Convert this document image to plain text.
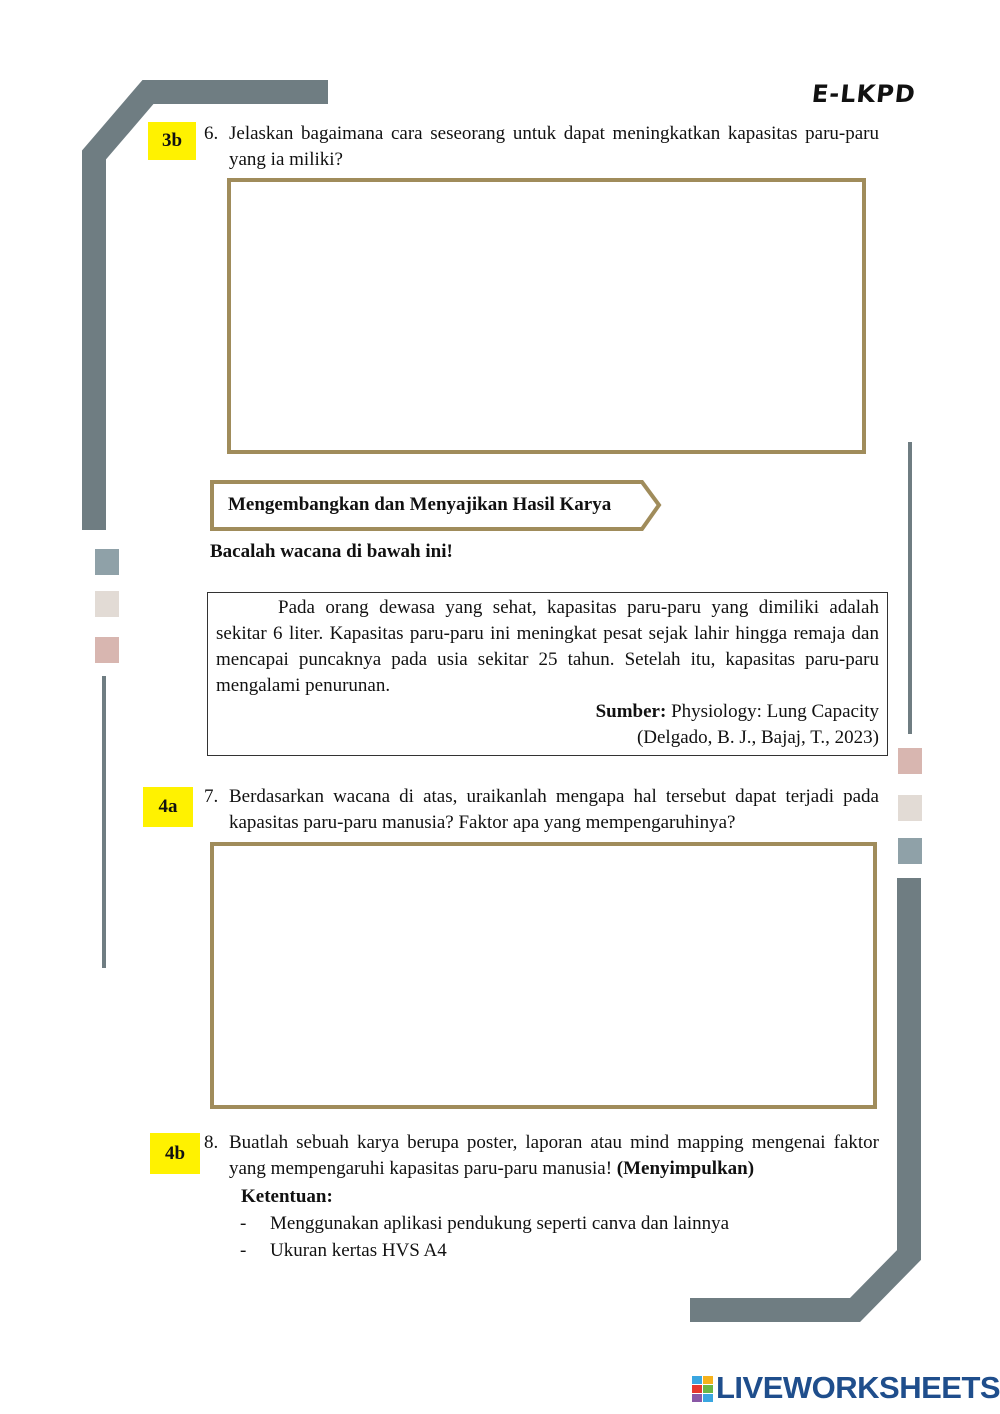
E-LKPD
3b	6. Jelaskan bagaimana cara seseorang untuk dapat meningkatkan kapasitas paru-paru yang ia miliki?
Mengembangkan dan Menyajikan Hasil Karya
Bacalah wacana di bawah ini!
Pada orang dewasa yang sehat, kapasitas paru-paru yang dimiliki adalah sekitar 6 liter. Kapasitas paru-paru ini meningkat pesat sejak lahir hingga remaja dan mencapai puncaknya pada usia sekitar 25 tahun. Setelah itu, kapasitas paru-paru mengalami penurunan.
Sumber: Physiology: Lung Capacity
(Delgado, B. J., Bajaj, T., 2023)
4a	7. Berdasarkan wacana di atas, uraikanlah mengapa hal tersebut dapat terjadi pada kapasitas paru-paru manusia? Faktor apa yang mempengaruhinya?
4b
8. Buatlah sebuah karya berupa poster, laporan atau mind mapping mengenai faktor yang mempengaruhi kapasitas paru-paru manusia! (Menyimpulkan)
Ketentuan:
- Menggunakan aplikasi pendukung seperti canva dan lainnya
- Ukuran kertas HVS A4
LIVEWORKSHEETS
